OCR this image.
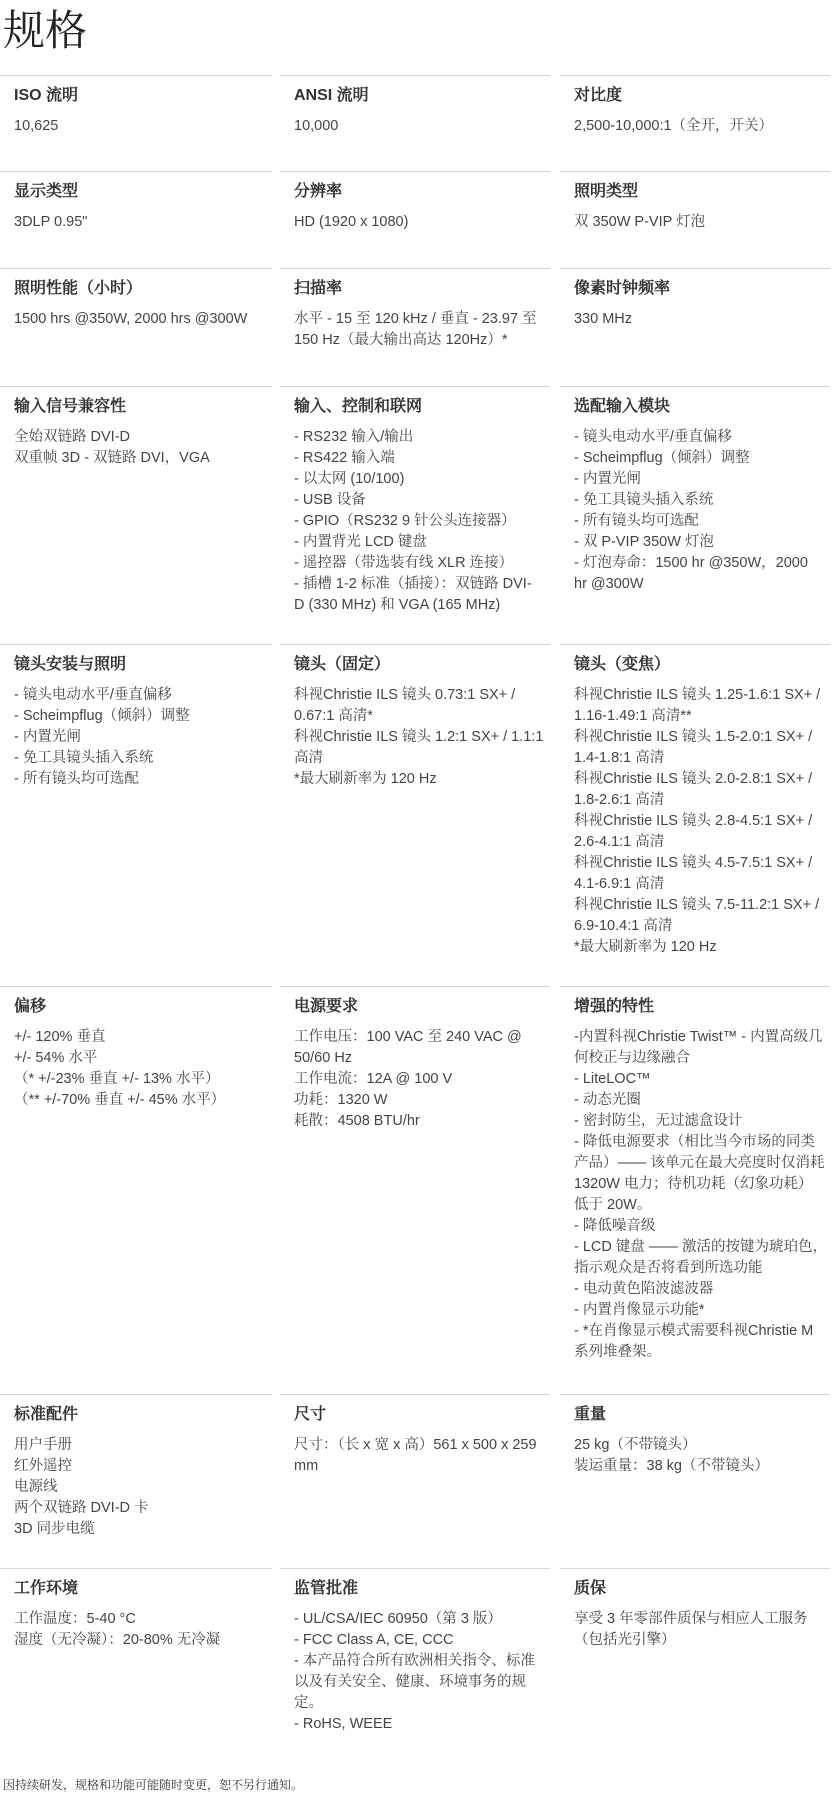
规格
ISO 流明
10,625
ANSI 流明
10,000
对比度
2,500-10,000:1（全开，开关）
显示类型
3DLP 0.95"
分辨率
HD (1920 x 1080)
照明类型
双 350W P-VIP 灯泡
照明性能（小时）
1500 hrs @350W, 2000 hrs @300W
扫描率
水平 - 15 至 120 kHz / 垂直 - 23.97 至
150 Hz（最大输出高达 120Hz）*
像素时钟频率
330 MHz
输入信号兼容性
全始双链路 DVI-D
双重帧 3D - 双链路 DVI，VGA
输入、控制和联网
- RS232 输入/输出
- RS422 输入端
- 以太网 (10/100)
- USB 设备
- GPIO（RS232 9 针公头连接器）
- 内置背光 LCD 键盘
- 遥控器（带选装有线 XLR 连接）
- 插槽 1-2 标准（插接）：双链路 DVI-
D (330 MHz) 和 VGA (165 MHz)
选配输入模块
- 镜头电动水平/垂直偏移
- Scheimpflug（倾斜）调整
- 内置光闸
- 免工具镜头插入系统
- 所有镜头均可选配
- 双 P-VIP 350W 灯泡
- 灯泡寿命：1500 hr @350W，2000
hr @300W
镜头安装与照明
- 镜头电动水平/垂直偏移
- Scheimpflug（倾斜）调整
- 内置光闸
- 免工具镜头插入系统
- 所有镜头均可选配
镜头（固定）
科视Christie ILS 镜头 0.73:1 SX+ /
0.67:1 高清*
科视Christie ILS 镜头 1.2:1 SX+ / 1.1:1
高清
*最大刷新率为 120 Hz
镜头（变焦）
科视Christie ILS 镜头 1.25-1.6:1 SX+ /
1.16-1.49:1 高清**
科视Christie ILS 镜头 1.5-2.0:1 SX+ /
1.4-1.8:1 高清
科视Christie ILS 镜头 2.0-2.8:1 SX+ /
1.8-2.6:1 高清
科视Christie ILS 镜头 2.8-4.5:1 SX+ /
2.6-4.1:1 高清
科视Christie ILS 镜头 4.5-7.5:1 SX+ /
4.1-6.9:1 高清
科视Christie ILS 镜头 7.5-11.2:1 SX+ /
6.9-10.4:1 高清
*最大刷新率为 120 Hz
偏移
+/- 120% 垂直
+/- 54% 水平
（* +/-23% 垂直 +/- 13% 水平）
（** +/-70% 垂直 +/- 45% 水平）
电源要求
工作电压：100 VAC 至 240 VAC @
50/60 Hz
工作电流：12A @ 100 V
功耗：1320 W
耗散：4508 BTU/hr
增强的特性
-内置科视Christie Twist™ - 内置高级几
何校正与边缘融合
- LiteLOC™
- 动态光圈
- 密封防尘，无过滤盒设计
- 降低电源要求（相比当今市场的同类
产品）—— 该单元在最大亮度时仅消耗
1320W 电力；待机功耗（幻象功耗）
低于 20W。
- 降低噪音级
- LCD 键盘 —— 激活的按键为琥珀色，
指示观众是否将看到所选功能
- 电动黄色陷波滤波器
- 内置肖像显示功能*
- *在肖像显示模式需要科视Christie M
系列堆叠架。
标准配件
用户手册
红外遥控
电源线
两个双链路 DVI-D 卡
3D 同步电缆
尺寸
尺寸：（长 x 宽 x 高）561 x 500 x 259
mm
重量
25 kg（不带镜头）
装运重量：38 kg（不带镜头）
工作环境
工作温度：5-40 °C
湿度（无冷凝）：20-80% 无冷凝
监管批准
- UL/CSA/IEC 60950（第 3 版）
- FCC Class A, CE, CCC
- 本产品符合所有欧洲相关指令、标准
以及有关安全、健康、环境事务的规
定。
- RoHS, WEEE
质保
享受 3 年零部件质保与相应人工服务
（包括光引擎）

因持续研发，规格和功能可能随时变更，恕不另行通知。
